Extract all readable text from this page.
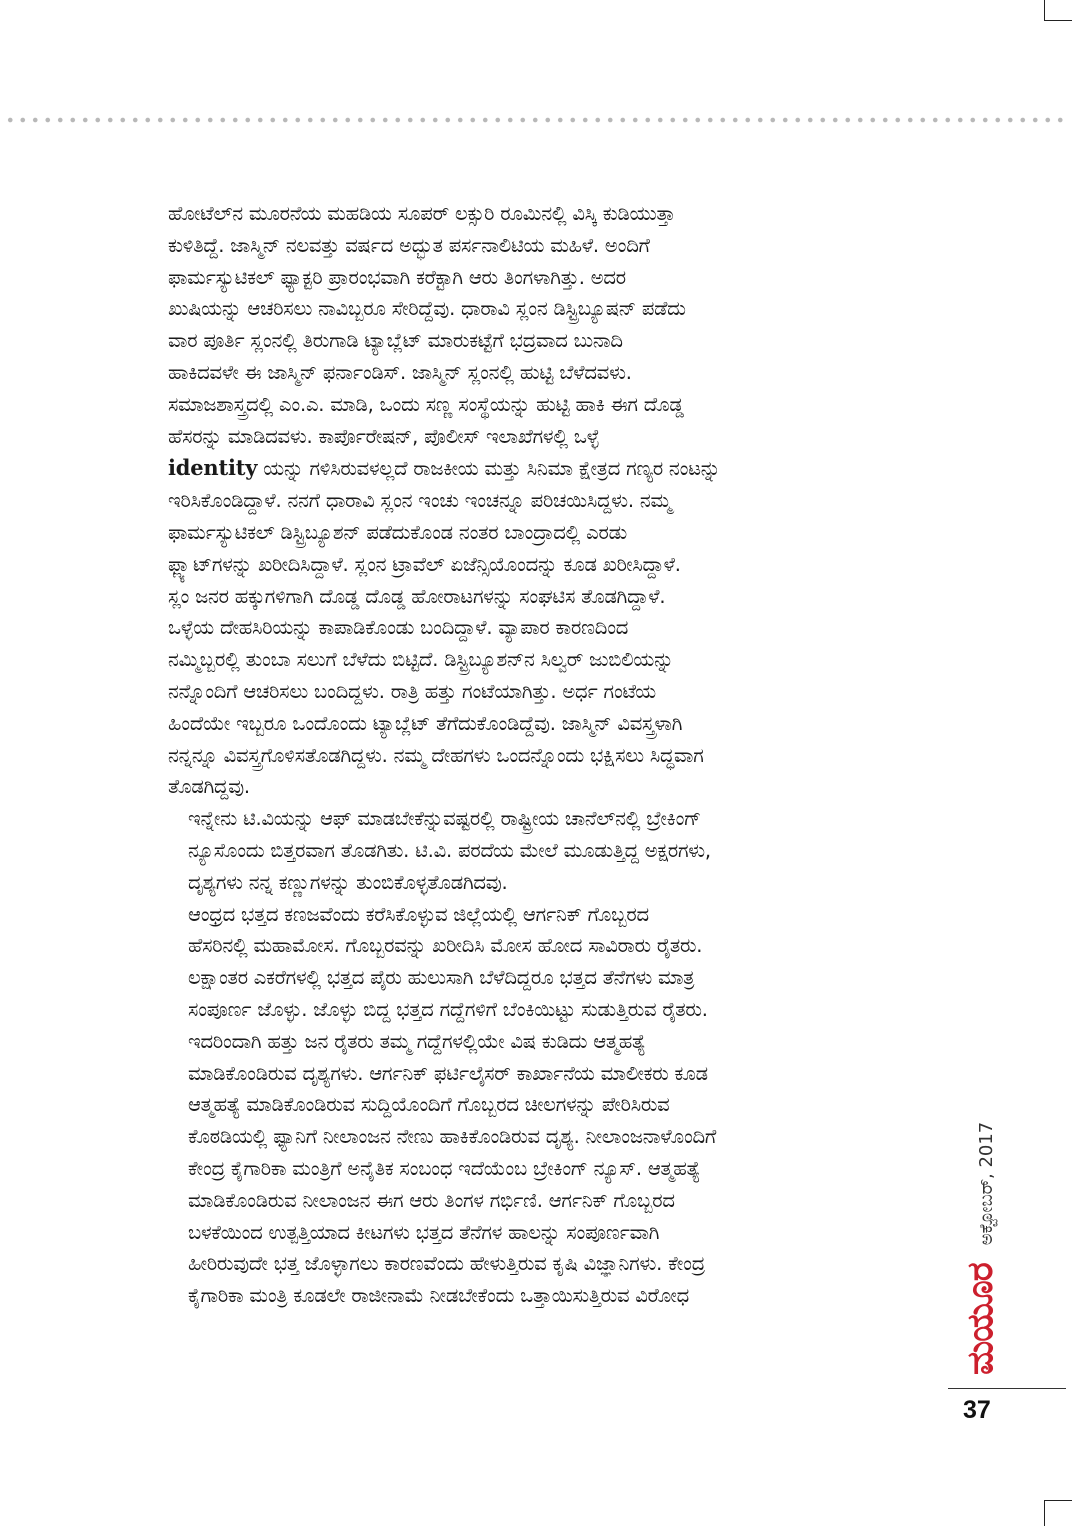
ಹೋಟೆಲ್‌ನ ಮೂರನೆಯ ಮಹಡಿಯ ಸೂಪರ್ ಲಕ್ಸುರಿ ರೂಮಿನಲ್ಲಿ ವಿಸ್ಕಿ ಕುಡಿಯುತ್ತಾ
ಕುಳಿತಿದ್ದೆ. ಜಾಸ್ಮಿನ್ ನಲವತ್ತು ವರ್ಷದ ಅದ್ಭುತ ಪರ್ಸನಾಲಿಟಿಯ ಮಹಿಳೆ. ಅಂದಿಗೆ
ಫಾರ್ಮಸ್ಯುಟಿಕಲ್ ಫ್ಯಾಕ್ಟರಿ ಪ್ರಾರಂಭವಾಗಿ ಕರೆಕ್ಟಾಗಿ ಆರು ತಿಂಗಳಾಗಿತ್ತು. ಅದರ
ಖುಷಿಯನ್ನು ಆಚರಿಸಲು ನಾವಿಬ್ಬರೂ ಸೇರಿದ್ದೆವು. ಧಾರಾವಿ ಸ್ಲಂನ ಡಿಸ್ಟ್ರಿಬ್ಯೂಷನ್ ಪಡೆದು
ವಾರ ಪೂರ್ತಿ ಸ್ಲಂನಲ್ಲಿ ತಿರುಗಾಡಿ ಟ್ಯಾಬ್ಲೆಟ್ ಮಾರುಕಟ್ಟೆಗೆ ಭದ್ರವಾದ ಬುನಾದಿ
ಹಾಕಿದವಳೇ ಈ ಜಾಸ್ಮಿನ್ ಫರ್ನಾಂಡಿಸ್. ಜಾಸ್ಮಿನ್ ಸ್ಲಂನಲ್ಲಿ ಹುಟ್ಟಿ ಬೆಳೆದವಳು.
ಸಮಾಜಶಾಸ್ತ್ರದಲ್ಲಿ ಎಂ.ಎ. ಮಾಡಿ, ಒಂದು ಸಣ್ಣ ಸಂಸ್ಥೆಯನ್ನು ಹುಟ್ಟಿ ಹಾಕಿ ಈಗ ದೊಡ್ಡ
ಹೆಸರನ್ನು ಮಾಡಿದವಳು. ಕಾರ್ಪೊರೇಷನ್, ಪೊಲೀಸ್ ಇಲಾಖೆಗಳಲ್ಲಿ ಒಳ್ಳೆ
identity ಯನ್ನು ಗಳಿಸಿರುವಳಲ್ಲದೆ ರಾಜಕೀಯ ಮತ್ತು ಸಿನಿಮಾ ಕ್ಷೇತ್ರದ ಗಣ್ಯರ ನಂಟನ್ನು
ಇರಿಸಿಕೊಂಡಿದ್ದಾಳೆ. ನನಗೆ ಧಾರಾವಿ ಸ್ಲಂನ ಇಂಚು ಇಂಚನ್ನೂ ಪರಿಚಯಿಸಿದ್ದಳು. ನಮ್ಮ
ಫಾರ್ಮಸ್ಯುಟಿಕಲ್ ಡಿಸ್ಟ್ರಿಬ್ಯೂಶನ್ ಪಡೆದುಕೊಂಡ ನಂತರ ಬಾಂದ್ರಾದಲ್ಲಿ ಎರಡು
ಫ್ಲ್ಯಾಟ್‌ಗಳನ್ನು ಖರೀದಿಸಿದ್ದಾಳೆ. ಸ್ಲಂನ ಟ್ರಾವೆಲ್ ಏಜೆನ್ಸಿಯೊಂದನ್ನು ಕೂಡ ಖರೀಸಿದ್ದಾಳೆ.
ಸ್ಲಂ ಜನರ ಹಕ್ಕುಗಳಿಗಾಗಿ ದೊಡ್ಡ ದೊಡ್ಡ ಹೋರಾಟಗಳನ್ನು ಸಂಘಟಿಸ ತೊಡಗಿದ್ದಾಳೆ.
ಒಳ್ಳೆಯ ದೇಹಸಿರಿಯನ್ನು ಕಾಪಾಡಿಕೊಂಡು ಬಂದಿದ್ದಾಳೆ. ವ್ಯಾಪಾರ ಕಾರಣದಿಂದ
ನಮ್ಮಿಬ್ಬರಲ್ಲಿ ತುಂಬಾ ಸಲುಗೆ ಬೆಳೆದು ಬಿಟ್ಟಿದೆ. ಡಿಸ್ಟ್ರಿಬ್ಯೂಶನ್‌ನ ಸಿಲ್ವರ್ ಜುಬಿಲಿಯನ್ನು
ನನ್ನೊಂದಿಗೆ ಆಚರಿಸಲು ಬಂದಿದ್ದಳು. ರಾತ್ರಿ ಹತ್ತು ಗಂಟೆಯಾಗಿತ್ತು. ಅರ್ಧ ಗಂಟೆಯ
ಹಿಂದೆಯೇ ಇಬ್ಬರೂ ಒಂದೊಂದು ಟ್ಯಾಬ್ಲೆಟ್ ತೆಗೆದುಕೊಂಡಿದ್ದೆವು. ಜಾಸ್ಮಿನ್ ವಿವಸ್ತ್ರಳಾಗಿ
ನನ್ನನ್ನೂ ವಿವಸ್ತ್ರಗೊಳಿಸತೊಡಗಿದ್ದಳು. ನಮ್ಮ ದೇಹಗಳು ಒಂದನ್ನೊಂದು ಭಕ್ಷಿಸಲು ಸಿದ್ಧವಾಗ
ತೊಡಗಿದ್ದವು.

ಇನ್ನೇನು ಟಿ.ವಿಯನ್ನು ಆಫ್ ಮಾಡಬೇಕೆನ್ನುವಷ್ಟರಲ್ಲಿ ರಾಷ್ಟ್ರೀಯ ಚಾನೆಲ್‌ನಲ್ಲಿ ಬ್ರೇಕಿಂಗ್
ನ್ಯೂಸೊಂದು ಬಿತ್ತರವಾಗ ತೊಡಗಿತು. ಟಿ.ವಿ. ಪರದೆಯ ಮೇಲೆ ಮೂಡುತ್ತಿದ್ದ ಅಕ್ಷರಗಳು,
ದೃಶ್ಯಗಳು ನನ್ನ ಕಣ್ಣುಗಳನ್ನು ತುಂಬಿಕೊಳ್ಳತೊಡಗಿದವು.

ಆಂಧ್ರದ ಭತ್ತದ ಕಣಜವೆಂದು ಕರೆಸಿಕೊಳ್ಳುವ ಜಿಲ್ಲೆಯಲ್ಲಿ ಆರ್ಗನಿಕ್ ಗೊಬ್ಬರದ
ಹೆಸರಿನಲ್ಲಿ ಮಹಾಮೋಸ. ಗೊಬ್ಬರವನ್ನು ಖರೀದಿಸಿ ಮೋಸ ಹೋದ ಸಾವಿರಾರು ರೈತರು.
ಲಕ್ಷಾಂತರ ಎಕರೆಗಳಲ್ಲಿ ಭತ್ತದ ಪೈರು ಹುಲುಸಾಗಿ ಬೆಳೆದಿದ್ದರೂ ಭತ್ತದ ತೆನೆಗಳು ಮಾತ್ರ
ಸಂಪೂರ್ಣ ಜೊಳ್ಳು. ಜೊಳ್ಳು ಬಿದ್ದ ಭತ್ತದ ಗದ್ದೆಗಳಿಗೆ ಬೆಂಕಿಯಿಟ್ಟು ಸುಡುತ್ತಿರುವ ರೈತರು.
ಇದರಿಂದಾಗಿ ಹತ್ತು ಜನ ರೈತರು ತಮ್ಮ ಗದ್ದೆಗಳಲ್ಲಿಯೇ ವಿಷ ಕುಡಿದು ಆತ್ಮಹತ್ಯೆ
ಮಾಡಿಕೊಂಡಿರುವ ದೃಶ್ಯಗಳು. ಆರ್ಗನಿಕ್ ಫರ್ಟಿಲೈಸರ್ ಕಾರ್ಖಾನೆಯ ಮಾಲೀಕರು ಕೂಡ
ಆತ್ಮಹತ್ಯೆ ಮಾಡಿಕೊಂಡಿರುವ ಸುದ್ದಿಯೊಂದಿಗೆ ಗೊಬ್ಬರದ ಚೀಲಗಳನ್ನು ಪೇರಿಸಿರುವ
ಕೊಠಡಿಯಲ್ಲಿ ಫ್ಯಾನಿಗೆ ನೀಲಾಂಜನ ನೇಣು ಹಾಕಿಕೊಂಡಿರುವ ದೃಶ್ಯ. ನೀಲಾಂಜನಾಳೊಂದಿಗೆ
ಕೇಂದ್ರ ಕೈಗಾರಿಕಾ ಮಂತ್ರಿಗೆ ಅನೈತಿಕ ಸಂಬಂಧ ಇದೆಯೆಂಬ ಬ್ರೇಕಿಂಗ್ ನ್ಯೂಸ್. ಆತ್ಮಹತ್ಯೆ
ಮಾಡಿಕೊಂಡಿರುವ ನೀಲಾಂಜನ ಈಗ ಆರು ತಿಂಗಳ ಗರ್ಭಿಣಿ. ಆರ್ಗನಿಕ್ ಗೊಬ್ಬರದ
ಬಳಕೆಯಿಂದ ಉತ್ಪತ್ತಿಯಾದ ಕೀಟಗಳು ಭತ್ತದ ತೆನೆಗಳ ಹಾಲನ್ನು ಸಂಪೂರ್ಣವಾಗಿ
ಹೀರಿರುವುದೇ ಭತ್ತ ಜೊಳ್ಳಾಗಲು ಕಾರಣವೆಂದು ಹೇಳುತ್ತಿರುವ ಕೃಷಿ ವಿಜ್ಞಾನಿಗಳು. ಕೇಂದ್ರ
ಕೈಗಾರಿಕಾ ಮಂತ್ರಿ ಕೂಡಲೇ ರಾಜೀನಾಮೆ ನೀಡಬೇಕೆಂದು ಒತ್ತಾಯಿಸುತ್ತಿರುವ ವಿರೋಧ	ಮಯೂರ
ಅಕ್ಟೋಬರ್, 2017
37
